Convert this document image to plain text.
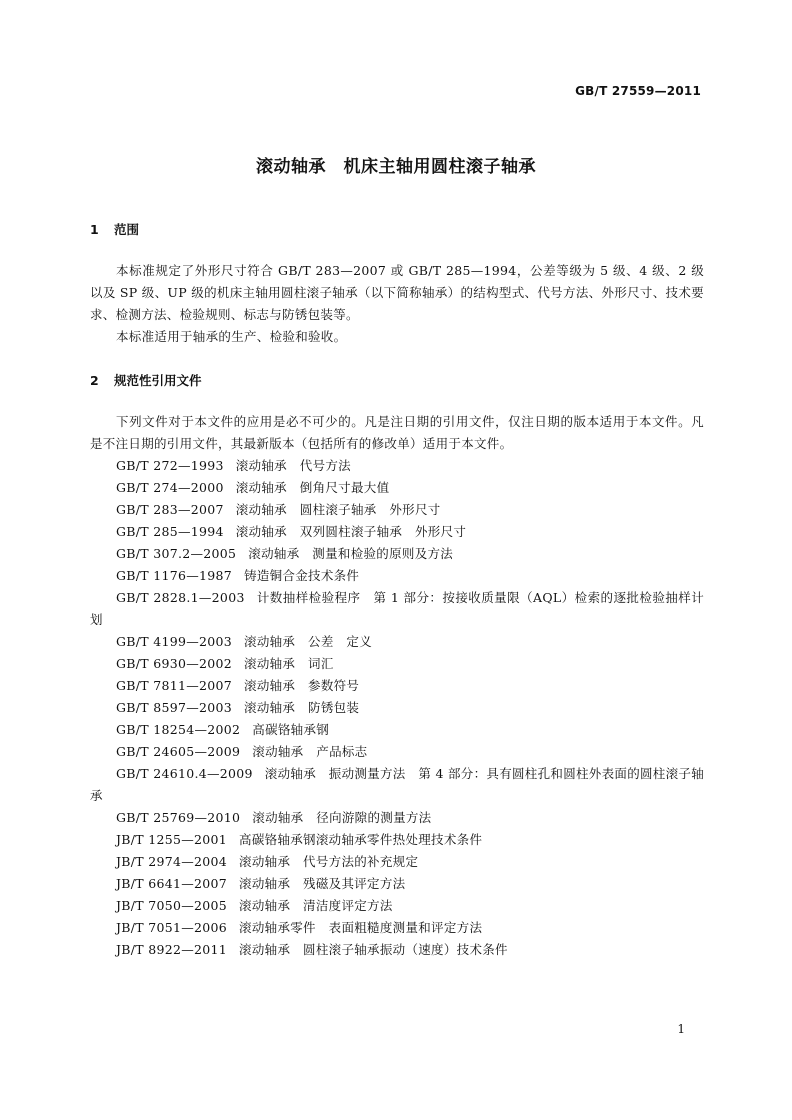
GB/T 27559—2011
滚动轴承　机床主轴用圆柱滚子轴承
1 范围
本标准规定了外形尺寸符合 GB/T 283—2007 或 GB/T 285—1994，公差等级为 5 级、4 级、2 级以及 SP 级、UP 级的机床主轴用圆柱滚子轴承（以下简称轴承）的结构型式、代号方法、外形尺寸、技术要求、检测方法、检验规则、标志与防锈包装等。
本标准适用于轴承的生产、检验和验收。
2 规范性引用文件
下列文件对于本文件的应用是必不可少的。凡是注日期的引用文件，仅注日期的版本适用于本文件。凡是不注日期的引用文件，其最新版本（包括所有的修改单）适用于本文件。
GB/T 272—1993 滚动轴承　代号方法
GB/T 274—2000 滚动轴承　倒角尺寸最大值
GB/T 283—2007 滚动轴承　圆柱滚子轴承　外形尺寸
GB/T 285—1994 滚动轴承　双列圆柱滚子轴承　外形尺寸
GB/T 307.2—2005 滚动轴承　测量和检验的原则及方法
GB/T 1176—1987 铸造铜合金技术条件
GB/T 2828.1—2003 计数抽样检验程序　第 1 部分：按接收质量限（AQL）检索的逐批检验抽样计划
GB/T 4199—2003 滚动轴承　公差　定义
GB/T 6930—2002 滚动轴承　词汇
GB/T 7811—2007 滚动轴承　参数符号
GB/T 8597—2003 滚动轴承　防锈包装
GB/T 18254—2002 高碳铬轴承钢
GB/T 24605—2009 滚动轴承　产品标志
GB/T 24610.4—2009 滚动轴承　振动测量方法　第 4 部分：具有圆柱孔和圆柱外表面的圆柱滚子轴承
GB/T 25769—2010 滚动轴承　径向游隙的测量方法
JB/T 1255—2001 高碳铬轴承钢滚动轴承零件热处理技术条件
JB/T 2974—2004 滚动轴承　代号方法的补充规定
JB/T 6641—2007 滚动轴承　残磁及其评定方法
JB/T 7050—2005 滚动轴承　清洁度评定方法
JB/T 7051—2006 滚动轴承零件　表面粗糙度测量和评定方法
JB/T 8922—2011 滚动轴承　圆柱滚子轴承振动（速度）技术条件
1
